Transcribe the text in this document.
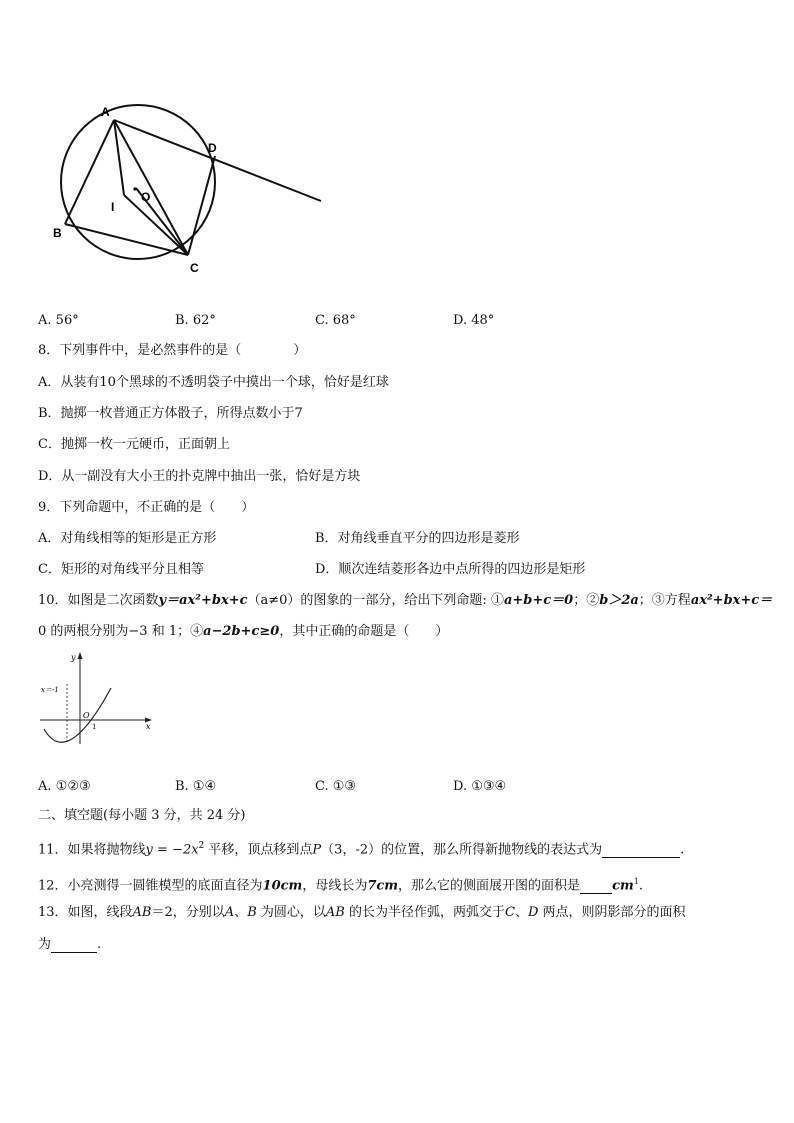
A
D
O
I
B
C
A. 56°	B. 62°	C. 68°	D. 48°
8．下列事件中，是必然事件的是（　　　　）
A．从装有10个黑球的不透明袋子中摸出一个球，恰好是红球
B．抛掷一枚普通正方体骰子，所得点数小于7
C．抛掷一枚一元硬币，正面朝上
D．从一副没有大小王的扑克牌中抽出一张，恰好是方块
9．下列命题中，不正确的是（　　）
A．对角线相等的矩形是正方形	B．对角线垂直平分的四边形是菱形
C．矩形的对角线平分且相等	D．顺次连结菱形各边中点所得的四边形是矩形
10．如图是二次函数y＝ax²+bx+c（a≠0）的图象的一部分，给出下列命题: ①a+b+c＝0；②b＞2a；③方程ax²+bx+c＝
0 的两根分别为−3 和 1；④a−2b+c≥0，其中正确的命题是（　　）
y
x
x＝-1
O
1
A. ①②③	B. ①④	C. ①③	D. ①③④
二、填空题(每小题 3 分，共 24 分)
11．如果将抛物线$y = -2x^2$ 平移，顶点移到点P（3，-2）的位置，那么所得新抛物线的表达式为	.
12．小亮测得一圆锥模型的底面直径为10cm，母线长为7cm，那么它的侧面展开图的面积是 $cm^1$.
13．如图，线段AB＝2，分别以A、B 为圆心，以AB 的长为半径作弧，两弧交于C、D 两点，则阴影部分的面积
为	.
